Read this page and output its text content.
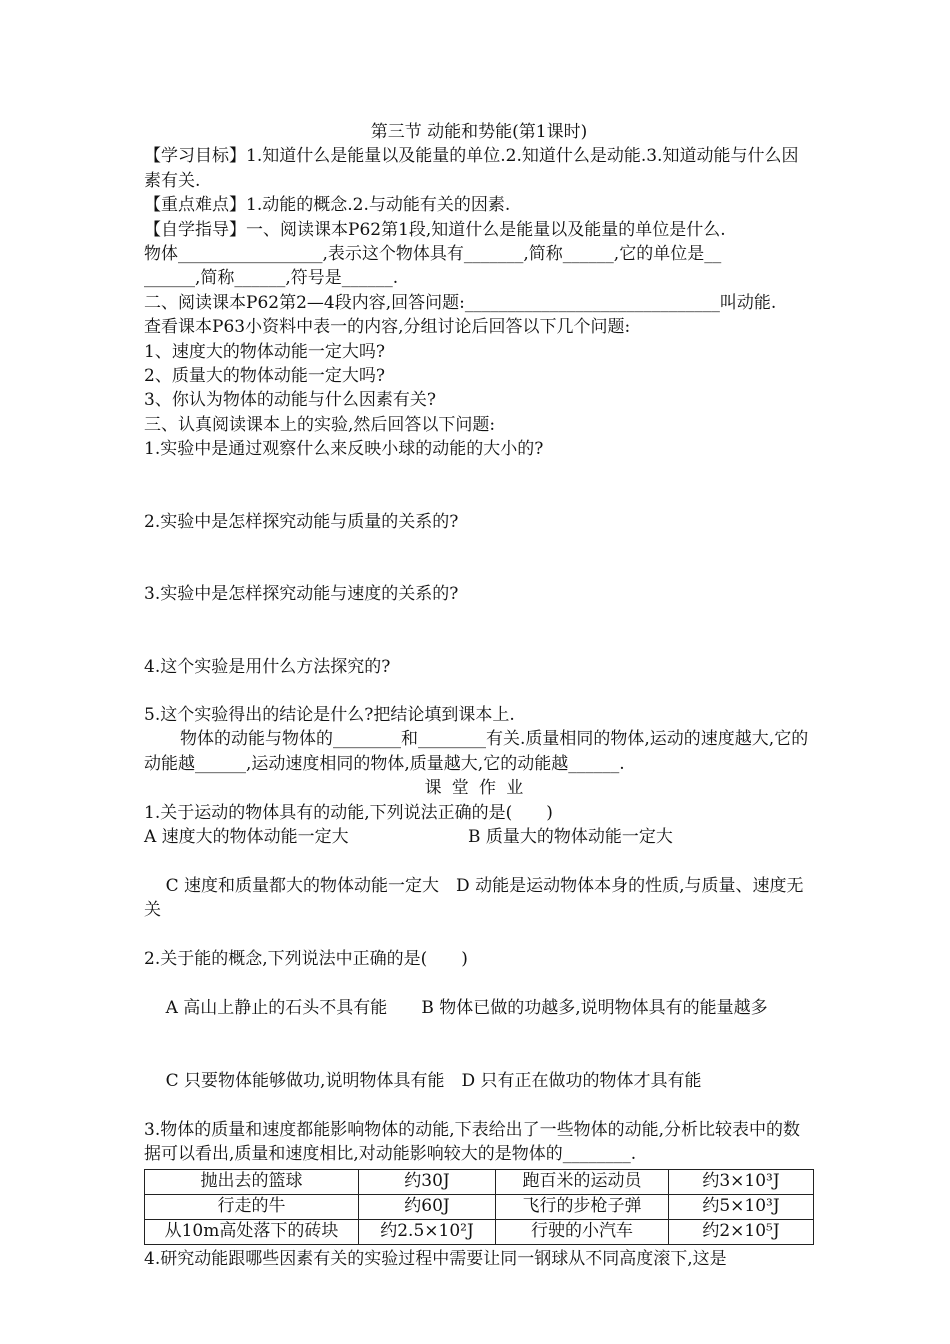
第三节 动能和势能(第1课时)
【学习目标】1.知道什么是能量以及能量的单位.2.知道什么是动能.3.知道动能与什么因素有关.
【重点难点】1.动能的概念.2.与动能有关的因素.
【自学指导】一、阅读课本P62第1段,知道什么是能量以及能量的单位是什么.
物体_________________,表示这个物体具有_______,简称______,它的单位是__
______,简称______,符号是______.
二、阅读课本P62第2—4段内容,回答问题:______________________________叫动能.
查看课本P63小资料中表一的内容,分组讨论后回答以下几个问题:
1、速度大的物体动能一定大吗?
2、质量大的物体动能一定大吗?
3、你认为物体的动能与什么因素有关?
三、认真阅读课本上的实验,然后回答以下问题:
1.实验中是通过观察什么来反映小球的动能的大小的?
2.实验中是怎样探究动能与质量的关系的?
3.实验中是怎样探究动能与速度的关系的?
4.这个实验是用什么方法探究的?
5.这个实验得出的结论是什么?把结论填到课本上.
物体的动能与物体的________和________有关.质量相同的物体,运动的速度越大,它的动能越______,运动速度相同的物体,质量越大,它的动能越______.
课堂作业
1.关于运动的物体具有的动能,下列说法正确的是(　　)
A 速度大的物体动能一定大	B 质量大的物体动能一定大

C 速度和质量都大的物体动能一定大　 D 动能是运动物体本身的性质,与质量、速度无关

2.关于能的概念,下列说法中正确的是(　　)

A 高山上静止的石头不具有能　　 B 物体已做的功越多,说明物体具有的能量越多

C 只要物体能够做功,说明物体具有能　 D 只有正在做功的物体才具有能

3.物体的质量和速度都能影响物体的动能,下表给出了一些物体的动能,分析比较表中的数据可以看出,质量和速度相比,对动能影响较大的是物体的________.
抛出去的篮球	约30J	跑百米的运动员	约3×10³J
行走的牛	约60J	飞行的步枪子弹	约5×10³J
从10m高处落下的砖块	约2.5×10²J	行驶的小汽车	约2×10⁵J
4.研究动能跟哪些因素有关的实验过程中需要让同一钢球从不同高度滚下,这是
